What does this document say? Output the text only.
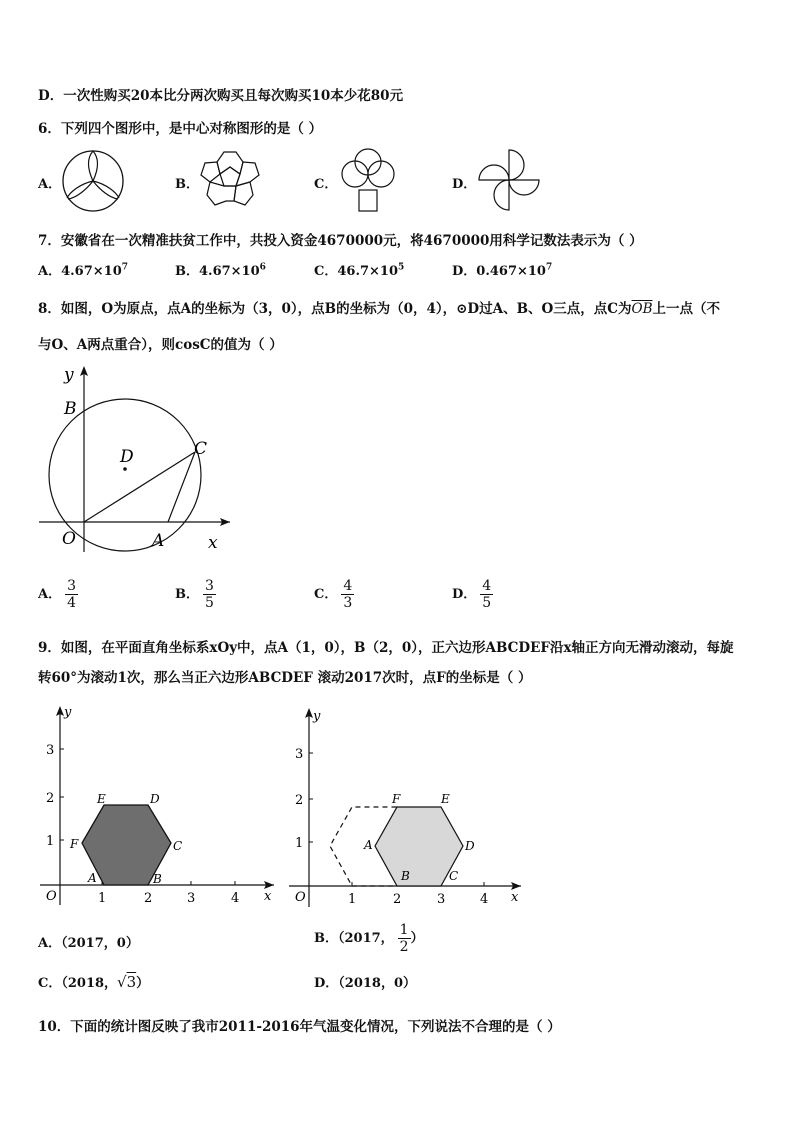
D．一次性购买20本比分两次购买且每次购买10本少花80元
6．下列四个图形中，是中心对称图形的是（ ）
A．	B．	C．	D．
7．安徽省在一次精准扶贫工作中，共投入资金4670000元，将4670000用科学记数法表示为（ ）
A．$4.67\times 10^7$	B．$4.67\times 10^6$	C．$46.7\times 10^5$	D．$0.467\times 10^7$
8．如图，O为原点，点A的坐标为（3，0），点B的坐标为（0，4），⊙D过A、B、O三点，点C为$\overline{OB}$上一点（不
与O、A两点重合），则cosC的值为（ ）
y
B
D	C
O	A	x
A． $\frac{3}{4}$	B． $\frac{3}{5}$	C． $\frac{4}{3}$	D． $\frac{4}{5}$
9．如图，在平面直角坐标系xOy中，点A（1，0），B（2，0），正六边形ABCDEF沿x轴正方向无滑动滚动，每旋
转60°为滚动1次，那么当正六边形ABCDEF 滚动2017次时，点F的坐标是（ ）
y
3
2
1
O	1	2	3	4 x
E	D
F	C
A	B
y
3
2
1
O	1	2	3	4 x
F	E
A	D
B	C
A．（2017，0）	B．（2017， $\frac{1}{2}$ ）
C．（2018，√3）	D．（2018，0）
10．下面的统计图反映了我市2011-2016年气温变化情况，下列说法不合理的是（ ）
